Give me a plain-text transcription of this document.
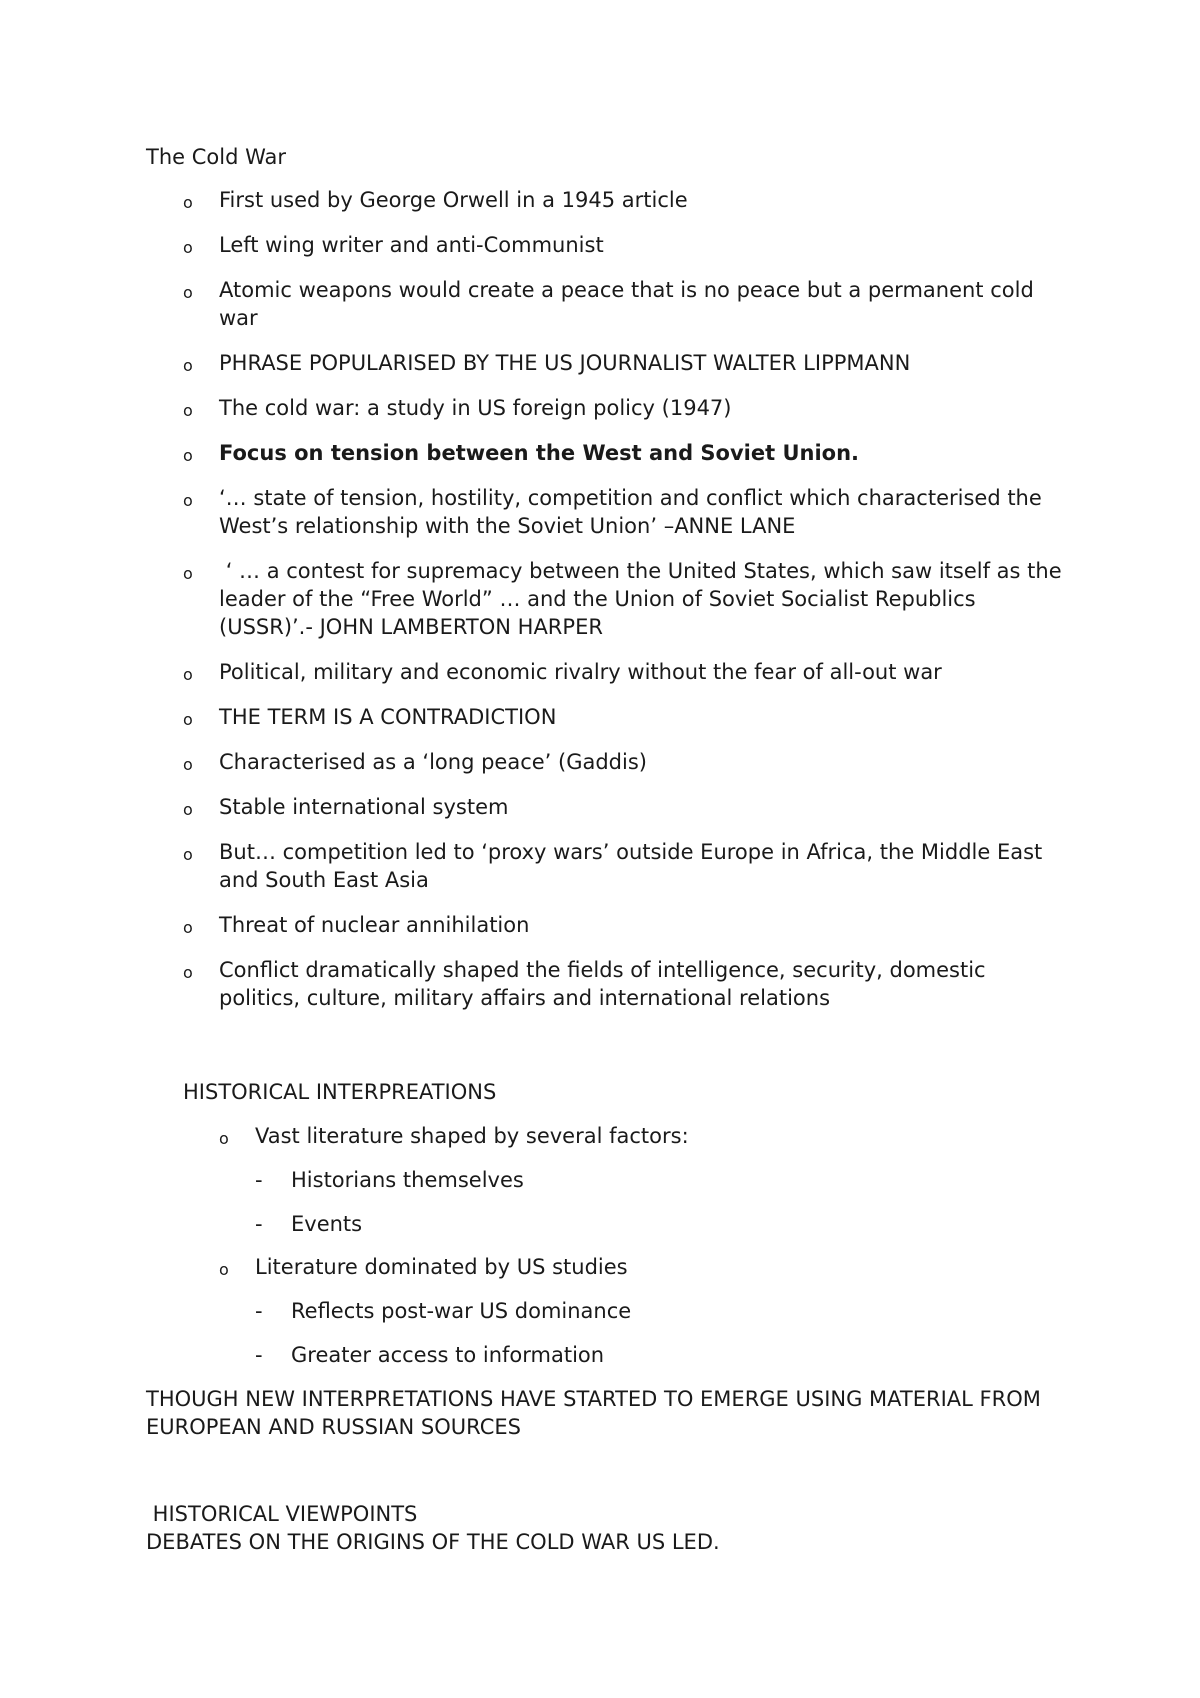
The Cold War
o First used by George Orwell in a 1945 article
o Left wing writer and anti-Communist
o Atomic weapons would create a peace that is no peace but a permanent cold war
o PHRASE POPULARISED BY THE US JOURNALIST WALTER LIPPMANN
o The cold war: a study in US foreign policy (1947)
o Focus on tension between the West and Soviet Union.
o ‘… state of tension, hostility, competition and conflict which characterised the West’s relationship with the Soviet Union’ –ANNE LANE
o ‘ … a contest for supremacy between the United States, which saw itself as the leader of the “Free World” … and the Union of Soviet Socialist Republics (USSR)’.- JOHN LAMBERTON HARPER
o Political, military and economic rivalry without the fear of all-out war
o THE TERM IS A CONTRADICTION
o Characterised as a ‘long peace’ (Gaddis)
o Stable international system
o But… competition led to ‘proxy wars’ outside Europe in Africa, the Middle East and South East Asia
o Threat of nuclear annihilation
o Conflict dramatically shaped the fields of intelligence, security, domestic politics, culture, military affairs and international relations
HISTORICAL INTERPREATIONS
o Vast literature shaped by several factors:
- Historians themselves
- Events
o Literature dominated by US studies
- Reflects post-war US dominance
- Greater access to information
THOUGH NEW INTERPRETATIONS HAVE STARTED TO EMERGE USING MATERIAL FROM EUROPEAN AND RUSSIAN SOURCES
HISTORICAL VIEWPOINTS
DEBATES ON THE ORIGINS OF THE COLD WAR US LED.
